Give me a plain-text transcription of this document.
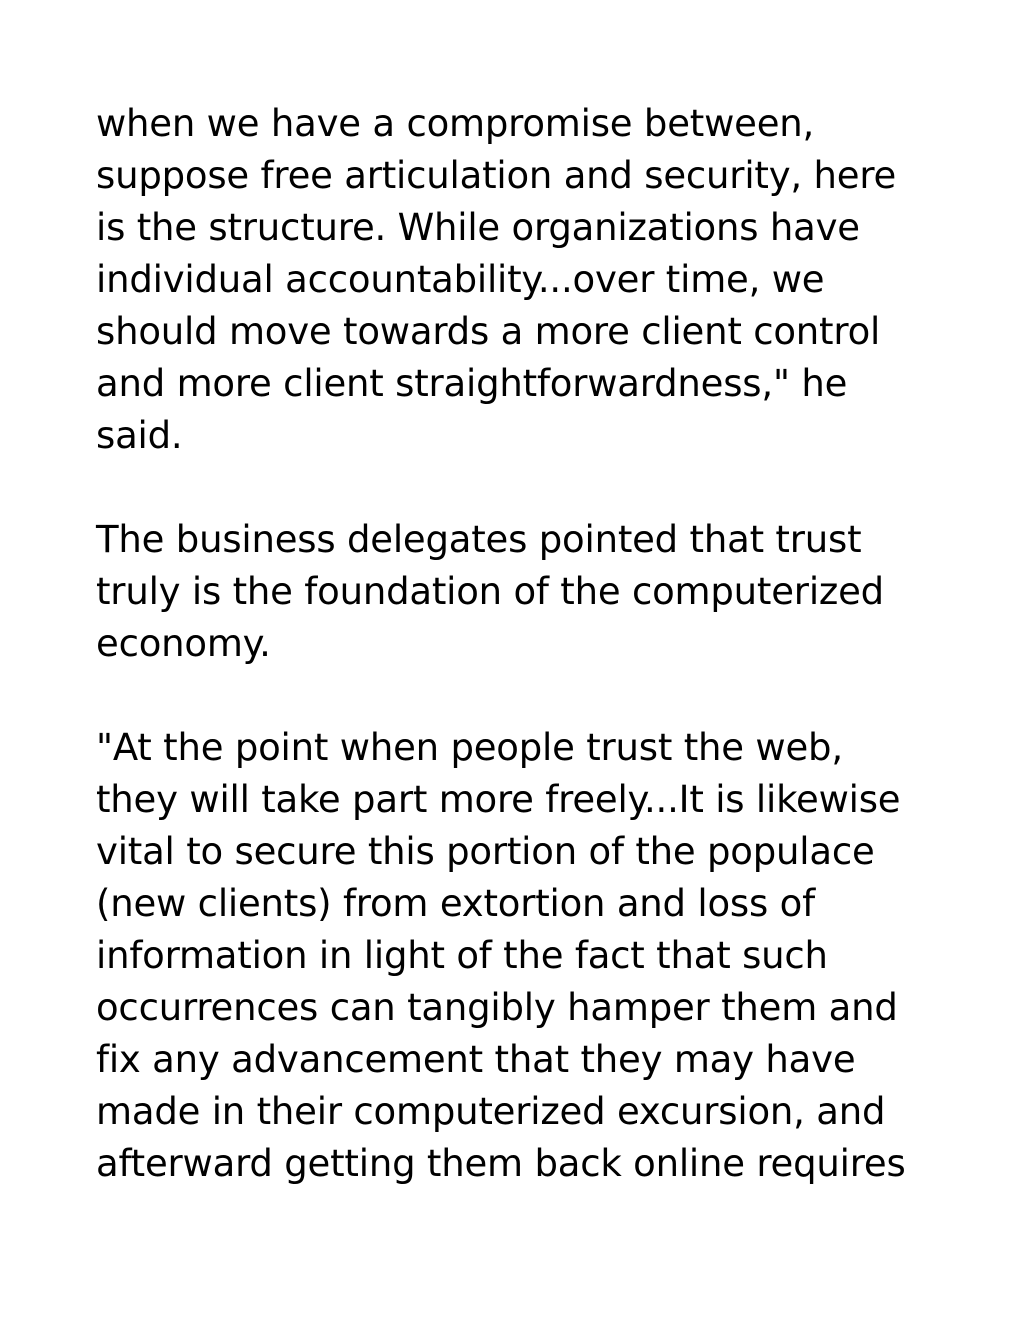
when we have a compromise between,
suppose free articulation and security, here
is the structure. While organizations have
individual accountability...over time, we
should move towards a more client control
and more client straightforwardness," he
said.

The business delegates pointed that trust
truly is the foundation of the computerized
economy.

"At the point when people trust the web,
they will take part more freely...It is likewise
vital to secure this portion of the populace
(new clients) from extortion and loss of
information in light of the fact that such
occurrences can tangibly hamper them and
fix any advancement that they may have
made in their computerized excursion, and
afterward getting them back online requires
